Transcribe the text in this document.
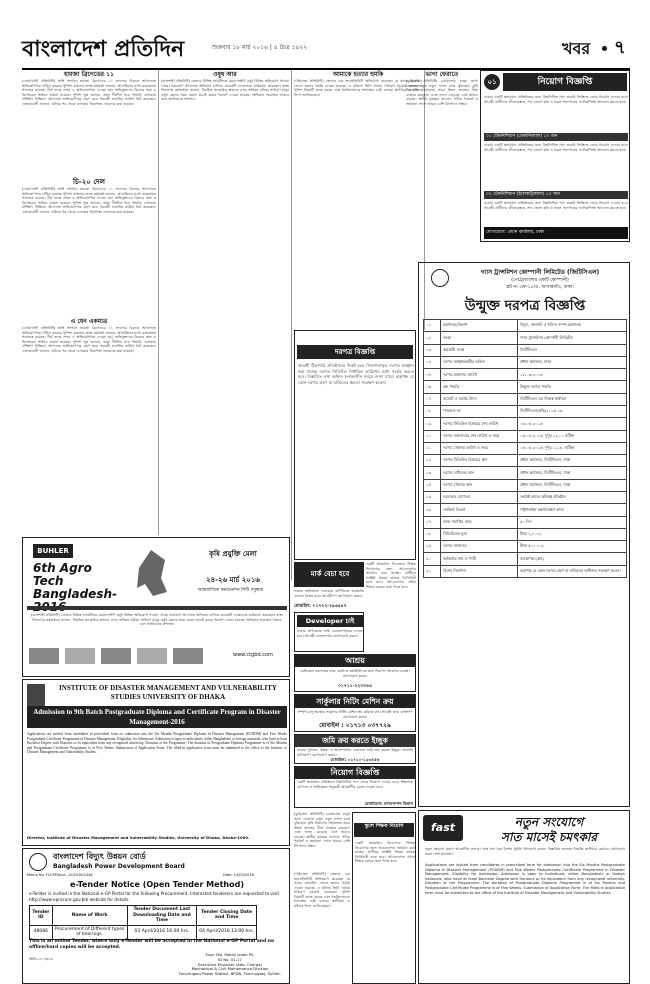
বাংলাদেশ প্রতিদিন	শুক্রবার ১৮ মার্চ ২০১৬ | ৪ চৈত্র ১৪২২	খবর ৭
হামজা ব্রিগেডের ১১
(নোয়াখালী প্রতিনিধি) জঙ্গি সংগঠন হামজা ব্রিগেডের ১১ সদস্যের বিরুদ্ধে আদালতে অভিযোগপত্র দাখিল করেছে পুলিশ। মামলার তদন্ত কর্মকর্তা জানান, আসামিদের মধ্যে কয়েকজন পলাতক রয়েছে। দীর্ঘ তদন্ত শেষে এ অভিযোগপত্র দেওয়া হয়। অভিযুক্তদের বিরুদ্ধে অস্ত্র ও বিস্ফোরক আইনে মামলা হয়েছে। পুলিশ সূত্র জানায়, তারা দীর্ঘদিন ধরে পাহাড়ি এলাকায় প্রশিক্ষণ নিচ্ছিল। আদালত অভিযোগপত্র গ্রহণ করে পরবর্তী শুনানির তারিখ ধার্য করেছেন। এলাকাবাসী জানান, ঘটনার পর থেকে এলাকায় নিরাপত্তা জোরদার করা হয়েছে।
চি-২০ দেল
(নোয়াখালী প্রতিনিধি) জঙ্গি সংগঠন হামজা ব্রিগেডের ১১ সদস্যের বিরুদ্ধে আদালতে অভিযোগপত্র দাখিল করেছে পুলিশ। মামলার তদন্ত কর্মকর্তা জানান, আসামিদের মধ্যে কয়েকজন পলাতক রয়েছে। দীর্ঘ তদন্ত শেষে এ অভিযোগপত্র দেওয়া হয়। অভিযুক্তদের বিরুদ্ধে অস্ত্র ও বিস্ফোরক আইনে মামলা হয়েছে। পুলিশ সূত্র জানায়, তারা দীর্ঘদিন ধরে পাহাড়ি এলাকায় প্রশিক্ষণ নিচ্ছিল। আদালত অভিযোগপত্র গ্রহণ করে পরবর্তী শুনানির তারিখ ধার্য করেছেন। এলাকাবাসী জানান, ঘটনার পর থেকে এলাকায় নিরাপত্তা জোরদার করা হয়েছে।
এ যেন একমাত্র
(নোয়াখালী প্রতিনিধি) জঙ্গি সংগঠন হামজা ব্রিগেডের ১১ সদস্যের বিরুদ্ধে আদালতে অভিযোগপত্র দাখিল করেছে পুলিশ। মামলার তদন্ত কর্মকর্তা জানান, আসামিদের মধ্যে কয়েকজন পলাতক রয়েছে। দীর্ঘ তদন্ত শেষে এ অভিযোগপত্র দেওয়া হয়। অভিযুক্তদের বিরুদ্ধে অস্ত্র ও বিস্ফোরক আইনে মামলা হয়েছে। পুলিশ সূত্র জানায়, তারা দীর্ঘদিন ধরে পাহাড়ি এলাকায় প্রশিক্ষণ নিচ্ছিল। আদালত অভিযোগপত্র গ্রহণ করে পরবর্তী শুনানির তারিখ ধার্য করেছেন। এলাকাবাসী জানান, ঘটনার পর থেকে এলাকায় নিরাপত্তা জোরদার করা হয়েছে।
ওষুধ আর
(রাজশাহী প্রতিনিধি) জেলার বিভিন্ন ফার্মেসিতে মেয়াদোত্তীর্ণ ওষুধ বিক্রির অভিযোগ পাওয়া গেছে। ভ্রাম্যমাণ আদালত অভিযান চালিয়ে কয়েকটি দোকানকে জরিমানা করেছেন। স্বাস্থ্য বিভাগের কর্মকর্তারা জানান, নিয়মিত তদারকির অভাবে এসব অনিয়ম ঘটছে। সাধারণ মানুষ ওষুধ কেনার সময় মেয়াদ যাচাই করার পরামর্শ দেওয়া হয়েছে। অভিযান অব্যাহত থাকবে বলে জানিয়েছে প্রশাসন।
আমাকে হত্যার হুমকি
(গাইবান্ধা প্রতিনিধি) জেলার এক জনপ্রতিনিধি অভিযোগ করেছেন যে তাকে মোবাইল ফোনে হত্যার হুমকি দেওয়া হয়েছে। এ ঘটনায় তিনি থানায় সাধারণ ডায়েরি করেছেন। পুলিশ বিষয়টি তদন্ত করছে এবং হুমকিদাতাকে শনাক্তের চেষ্টা চলছে। স্থানীয়রা এ ঘটনার নিন্দা জানিয়েছেন।
ভাগ্য ফেরাতে
(কুড়িগ্রাম প্রতিনিধি) চরাঞ্চলের মানুষ ভাগ্য ফেরাতে নতুন নতুন ফসল চাষে ঝুঁকছেন। কৃষি বিভাগের সহায়তায় তারা উন্নত জাতের বীজ ব্যবহার করছেন। এতে ফলন বেড়েছে এবং আয়ও বাড়ছে। স্থানীয় কৃষকরা জানান, সঠিক পরামর্শ ও সহায়তা পেলে আরও বেশি উৎপাদন সম্ভব।
০১	নিয়োগ বিজ্ঞপ্তি
ঢাকায় একটি স্বনামধন্য প্রতিষ্ঠানের জন্য নিম্নলিখিত পদে জরুরি ভিত্তিতে লোক নিয়োগ দেওয়া হবে। আগ্রহী প্রার্থীদের জীবনবৃত্তান্ত, সদ্য তোলা ছবি ও সকল সনদপত্রের ফটোকপিসহ আবেদন করতে হবে।
০১ টেকনিশিয়ান (মেকানিক্যাল) ১০ জন
ঢাকায় একটি স্বনামধন্য প্রতিষ্ঠানের জন্য নিম্নলিখিত পদে জরুরি ভিত্তিতে লোক নিয়োগ দেওয়া হবে। আগ্রহী প্রার্থীদের জীবনবৃত্তান্ত, সদ্য তোলা ছবি ও সকল সনদপত্রের ফটোকপিসহ আবেদন করতে হবে।
০২ টেকনিশিয়ান (ইলেকট্রিক্যাল) ১০ জন
ঢাকায় একটি স্বনামধন্য প্রতিষ্ঠানের জন্য নিম্নলিখিত পদে জরুরি ভিত্তিতে লোক নিয়োগ দেওয়া হবে। আগ্রহী প্রার্থীদের জীবনবৃত্তান্ত, সদ্য তোলা ছবি ও সকল সনদপত্রের ফটোকপিসহ আবেদন করতে হবে।
যোগাযোগ: প্রধান কার্যালয়, ঢাকা
গ্যাস ট্রান্সমিশন কোম্পানী লিমিটেড (জিটিসিএল)
(পেট্রোবাংলার একটি কোম্পানী)
প্লট নং এফ-১৮/এ, আগারগাঁও, ঢাকা।
উন্মুক্ত দরপত্র বিজ্ঞপ্তি
০১	মন্ত্রণালয়/বিভাগ	বিদ্যুৎ, জ্বালানি ও খনিজ সম্পদ মন্ত্রণালয়
০২	সংস্থা	গ্যাস ট্রান্সমিশন কোম্পানী লিমিটেড
০৩	ক্রয়কারী সংস্থা	জিটিসিএল
০৪	দরপত্র আহ্বানকারীর অফিস	প্রধান কার্যালয়, ঢাকা
০৫	দরপত্র প্রকাশের তারিখ	১৮-০৩-২০১৬
০৬	ক্রয় পদ্ধতি	উন্মুক্ত দরপত্র পদ্ধতি
০৭	বাজেট ও অর্থের উৎস	জিটিসিএল এর নিজস্ব অর্থায়ন
০৮	প্যাকেজ নং	জিটিসিএল/প্রকি/২০১৫-১৬
০৯	দরপত্র সিডিউল বিক্রয়ের শেষ তারিখ	০৩-০৪-২০১৬
১০	দরপত্র জমাদানের শেষ তারিখ ও সময়	০৪-০৪-২০১৬, দুপুর ১২.০০ ঘটিকা
১১	দরপত্র খোলার তারিখ ও সময়	০৪-০৪-২০১৬, দুপুর ১২.৩০ ঘটিকা
১২	দরপত্র সিডিউল বিক্রয়ের স্থান	প্রধান কার্যালয়, জিটিসিএল, ঢাকা
১৩	দরপত্র দাখিলের স্থান	প্রধান কার্যালয়, জিটিসিএল, ঢাকা
১৪	দরপত্র খোলার স্থান	প্রধান কার্যালয়, জিটিসিএল, ঢাকা
১৫	দরদাতার যোগ্যতা	সংশ্লিষ্ট কাজে অভিজ্ঞ প্রতিষ্ঠান
১৬	সংক্ষিপ্ত বিবরণ	পাইপলাইন রক্ষণাবেক্ষণ কাজ
১৭	কাজ সমাপ্তির সময়	৯০ দিন
১৮	সিডিউলের মূল্য	টাকা ২,০০০/-
১৯	দরপত্র জামানত	টাকা ৫০,০০০/-
২০	কর্মকর্তার নাম ও পদবী	ব্যবস্থাপক (ক্রয়)
২১	বিশেষ নির্দেশনা	কর্তৃপক্ষ যে কোন দরপত্র গ্রহণ বা বাতিলের অধিকার সংরক্ষণ করেন।
BUHLER
6th Agro Tech Bangladesh-
কৃষি প্রযুক্তি মেলা
২৪-২৬ মার্চ ২০১৬
আন্তর্জাতিক কনভেনশন সিটি বসুন্ধরা
(রাজশাহী প্রতিনিধি) জেলার বিভিন্ন ফার্মেসিতে মেয়াদোত্তীর্ণ ওষুধ বিক্রির অভিযোগ পাওয়া গেছে। ভ্রাম্যমাণ আদালত অভিযান চালিয়ে কয়েকটি দোকানকে জরিমানা করেছেন। স্বাস্থ্য বিভাগের কর্মকর্তারা জানান, নিয়মিত তদারকির অভাবে এসব অনিয়ম ঘটছে। সাধারণ মানুষ ওষুধ কেনার সময় মেয়াদ যাচাই করার পরামর্শ দেওয়া হয়েছে। অভিযান অব্যাহত থাকবে বলে জানিয়েছে প্রশাসন।
www.ctgbd.com
INSTITUTE OF DISASTER MANAGEMENT AND VULNERABILITY STUDIES UNIVERSITY OF DHAKA
Admission to 9th Batch Postgraduate Diploma and Certificate Program in Disaster Management-2016
Applications are invited from candidates in prescribed form for admission into the Six Months Postgraduate Diploma in Disaster Management (PGDDM) and Five Weeks Postgraduate Certificate Programme in Disaster Management. Eligibility for Admission: Admission is open to individuals, either Bangladeshi or foreign nationals, who have at least Bachelor Degree with Honours or its equivalent from any recognized university. Duration of the Programme: The duration of Postgraduate Diploma Programme is of Six Months and Postgraduate Certificate Programme is of Five Weeks. Submission of Application Form: The filled-in application form must be submitted to the office of the Institute of Disaster Management and Vulnerability Studies.
Director, Institute of Disaster Management and Vulnerability Studies, University of Dhaka, Dhaka-1000.
বাংলাদেশ বিদ্যুৎ উন্নয়ন বোর্ড
Bangladesh Power Development Board
Memo No. FCCPP/Acct.-10/2016/1448	Date: 14/03/2016
e-Tender Notice (Open Tender Method)
e-Tender is invited in the National e-GP Portal for the following Procurement. Interested tenderers are requested to visit http://www.eprocure.gov.bd/ website for details.
Tender ID	Name of Work	Tender Document Last Downloading Date and Time	Tender Closing Date and Time
48086	Procurement of Different types of bearings.	03 April/2016 16:00 hrs.	04 April/2016 13:00 hrs.
This is an online Tender, where only e-Tender will be accepted in the National e-GP Portal and no offline/hard copies will be accepted.
জিডি-১৮০৩/১৬
Engr. Md. Rabiul Islam Pk.
ID No. 01-17
Executive Engineer (Add. Charge)
Mechanical & Civil Maintenance Division
Fenchuganj Power Station, BPDB, Fenchuganj, Sylhet.
দরপত্র বিজ্ঞপ্তি
আগ্রহী ঠিকাদারি প্রতিষ্ঠানের নিকট হতে সিলগালাকৃত দরপত্র আহ্বান করা যাচ্ছে। দরপত্র সিডিউল নির্ধারিত তারিখের মধ্যে সংগ্রহ করতে হবে। বিস্তারিত তথ্য অফিস চলাকালীন সময়ে জানা যাবে। কর্তৃপক্ষ যে কোন দরপত্র গ্রহণ বা বাতিলের ক্ষমতা সংরক্ষণ করেন।
মার্ক বেচা হবে
ঢাকার অভিজাত এলাকায় বাণিজ্যিক মার্কেটের দোকান বিক্রয় হবে। আগ্রহীগণ যোগাযোগ করুন।
মোবাইল: ০১৭২২-২৯৬৫৪৭
Developer চাই
ঢাকার প্রাণকেন্দ্রে জমি ডেভেলপারকে দেওয়া হবে। আগ্রহী ডেভেলপার যোগাযোগ করুন।
একটি স্বনামধন্য বিদ্যালয়ে শিক্ষক নিয়োগের জন্য আবেদনপত্র আহ্বান করা যাচ্ছে। প্রার্থীকে সংশ্লিষ্ট বিষয়ে স্নাতক ডিগ্রিধারী হতে হবে। আবেদনপত্র প্রধান শিক্ষক বরাবর জমা দিতে হবে।
আশ্রয়
মেডিকেল কলেজের ছাত্র, ছাত্রী ও কর্মজীবীদের জন্য নিরাপদ আবাসন ব্যবস্থা। যোগাযোগ করুন।
০১৭১১-২২৩৩৪৪
সার্কুলার নিটিং মেশিন ক্রয়
সম্পূর্ণ চালু অবস্থায় সার্কুলার নিটিং মেশিন ক্রয় করিতে চাই। আগ্রহী ক্রয়ে ব্যক্তিগণ যোগাযোগ করুন।
মোবাইল : ০১৭১৩ ০৩৭৭২৯
জমি ক্রয় করতে ইচ্ছুক
ঢাকার পূর্বাচল, উত্তরা ও আশেপাশের এলাকায় জমি ক্রয় করতে ইচ্ছুক। সরাসরি মালিকগণ যোগাযোগ করুন।
মোবাইল: ০১৭১০-১২৩৪৫৬
নিয়োগ বিজ্ঞপ্তি
একটি স্বনামধন্য প্রতিষ্ঠানে নিম্নলিখিত পদে লোক নিয়োগ দেওয়া হবে। শিক্ষাগত যোগ্যতা ও অভিজ্ঞতা অনুযায়ী আকর্ষণীয় বেতন দেওয়া হবে।
যোগাযোগ: মানবসম্পদ বিভাগ
(কুড়িগ্রাম প্রতিনিধি) চরাঞ্চলের মানুষ ভাগ্য ফেরাতে নতুন নতুন ফসল চাষে ঝুঁকছেন। কৃষি বিভাগের সহায়তায় তারা উন্নত জাতের বীজ ব্যবহার করছেন। এতে ফলন বেড়েছে এবং আয়ও বাড়ছে। স্থানীয় কৃষকরা জানান, সঠিক পরামর্শ ও সহায়তা পেলে আরও বেশি উৎপাদন সম্ভব।
(গাইবান্ধা প্রতিনিধি) জেলার এক জনপ্রতিনিধি অভিযোগ করেছেন যে তাকে মোবাইল ফোনে হত্যার হুমকি দেওয়া হয়েছে। এ ঘটনায় তিনি থানায় সাধারণ ডায়েরি করেছেন। পুলিশ বিষয়টি তদন্ত করছে এবং হুমকিদাতাকে শনাক্তের চেষ্টা চলছে। স্থানীয়রা এ ঘটনার নিন্দা জানিয়েছেন।
স্কুলে শিক্ষক নিয়োগ
একটি স্বনামধন্য বিদ্যালয়ে শিক্ষক নিয়োগের জন্য আবেদনপত্র আহ্বান করা যাচ্ছে। প্রার্থীকে সংশ্লিষ্ট বিষয়ে স্নাতক ডিগ্রিধারী হতে হবে। আবেদনপত্র প্রধান শিক্ষক বরাবর জমা দিতে হবে।
fast	নতুন সংযোগে
সাত মাসেই চমৎকার
নতুন সংযোগ গ্রহণে আকর্ষণীয় অফার। সাত মাস ধরে বিশেষ সুবিধা উপভোগ করুন। বিস্তারিত জানতে নিকটস্থ কাস্টমার কেয়ারে যোগাযোগ করুন। শর্ত প্রযোজ্য।
Applications are invited from candidates in prescribed form for admission into the Six Months Postgraduate Diploma in Disaster Management (PGDDM) and Five Weeks Postgraduate Certificate Programme in Disaster Management. Eligibility for Admission: Admission is open to individuals, either Bangladeshi or foreign nationals, who have at least Bachelor Degree with Honours or its equivalent from any recognized university. Duration of the Programme: The duration of Postgraduate Diploma Programme is of Six Months and Postgraduate Certificate Programme is of Five Weeks. Submission of Application Form: The filled-in application form must be submitted to the office of the Institute of Disaster Management and Vulnerability Studies.
